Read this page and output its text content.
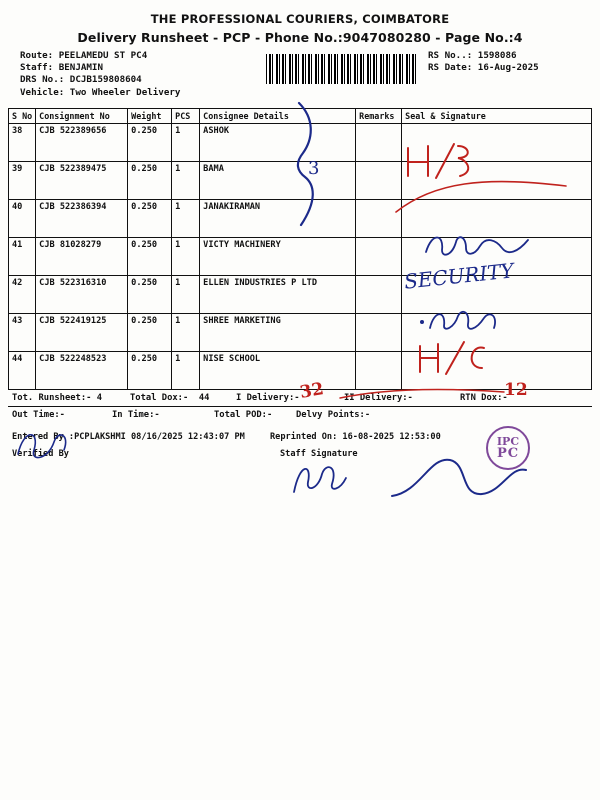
THE PROFESSIONAL COURIERS, COIMBATORE
Delivery Runsheet - PCP - Phone No.:9047080280 - Page No.:4
Route: PEELAMEDU ST PC4
Staff: BENJAMIN
DRS No.: DCJB159808604
Vehicle: Two Wheeler Delivery
RS No..: 1598086
RS Date: 16-Aug-2025
S No	Consignment No	Weight	PCS	Consignee Details	Remarks	Seal & Signature
38	CJB 522389656	0.250	1	ASHOK		
39	CJB 522389475	0.250	1	BAMA		
40	CJB 522386394	0.250	1	JANAKIRAMAN		
41	CJB 81028279	0.250	1	VICTY MACHINERY		
42	CJB 522316310	0.250	1	ELLEN INDUSTRIES P LTD		
43	CJB 522419125	0.250	1	SHREE MARKETING		
44	CJB 522248523	0.250	1	NISE SCHOOL		
Tot. Runsheet:- 4	Total Dox:-  44	I Delivery:-	II Delivery:-	RTN Dox:-
Out Time:-	In Time:-	Total POD:-	Delvy Points:-
Entered By :PCPLAKSHMI 08/16/2025 12:43:07 PM	Reprinted On: 16-08-2025 12:53:00
Verified By	Staff Signature
3
SECURITY
32	12
IPC
PC
